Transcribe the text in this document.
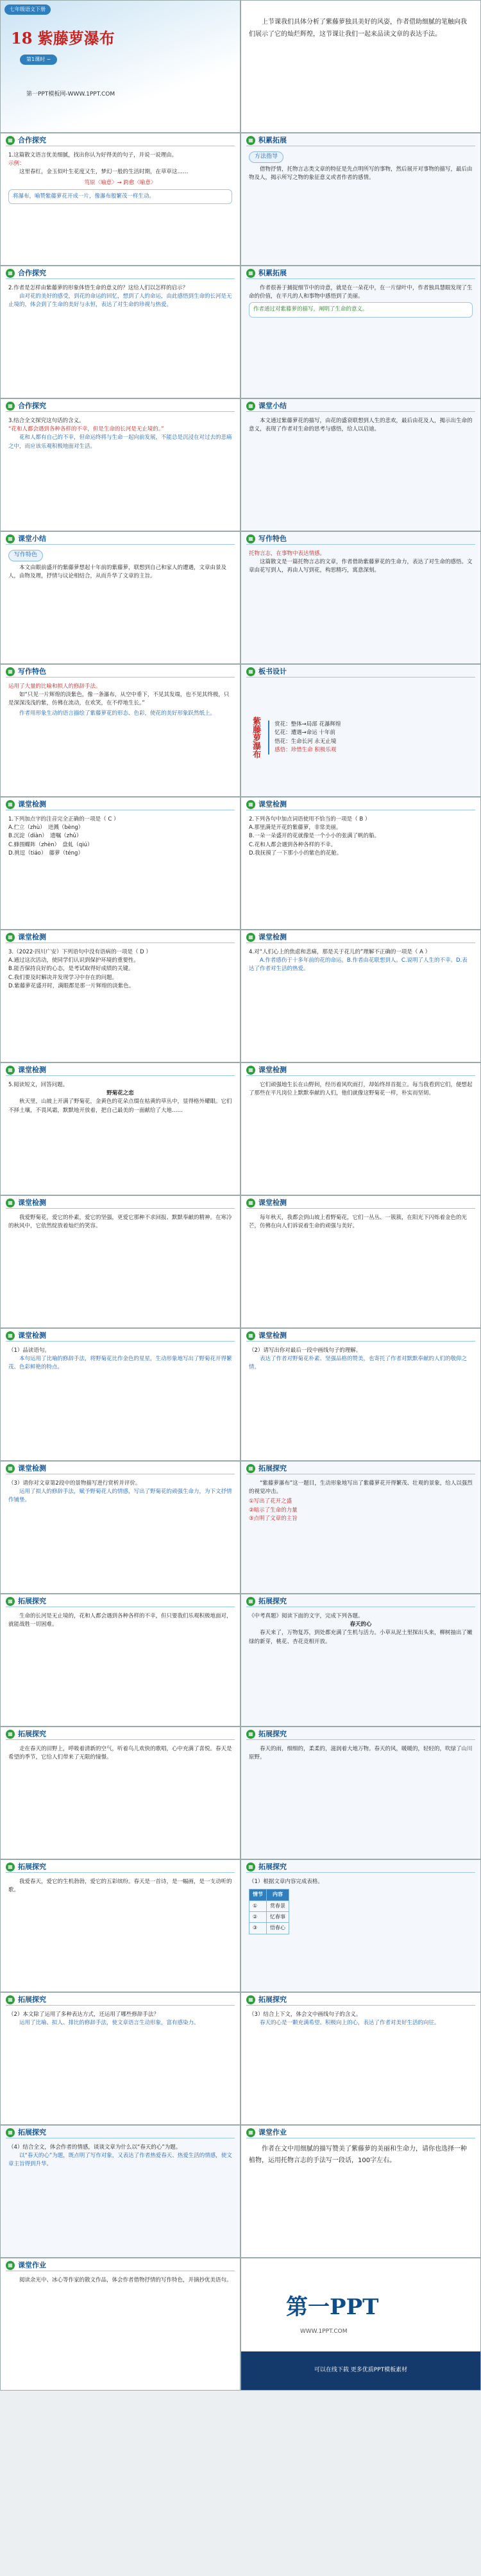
七年级语文下册
18 紫藤萝瀑布
第1课时 ~
第一PPT模板网-WWW.1PPT.COM
上节课我们具体分析了紫藤萝独具美好的风姿，作者借助细腻的笔触向我们展示了它的灿烂辉煌，这节课让我们一起来品读文章的表达手法。
▦ 合作探究
1.这篇散文语言优美细腻，找出你认为好得美的句子，并说一说理由。
示例：
这里春红，金玉似叶生花度又生，梦幻一般的生活时期，在草草这……
笃原〈喻意〉→ 跨愈〈喻意〉
将瀑布，喻赞紫藤萝花开成一片，像瀑布般繁茂一样生动。
▦ 积累拓展
方法指导
借物抒情，托物言志类文章的特征是先点明所写的事物，然后展开对事物的描写，最后由物及人，揭示所写之物的象征意义或者作者的感情。
▦ 合作探究
2.作者是怎样由紫藤萝的形象体悟生命的意义的？这给人们以怎样的启示？
由对花的美好的感受，到花的命运的回忆，想到了人的命运，由此感悟到生命的长河是无止境的，体会到了生命的美好与永恒，表达了对生命的珍视与热爱。
▦ 积累拓展
作者很善于捕捉细节中的诗意，就是在一朵花中，在一片绿叶中，作者独具慧眼发现了生命的价值，在平凡的人和事物中感悟到了美丽。
作者通过对紫藤萝的描写，阐明了生命的意义。
▦ 合作探究
3.结合全文探究这句话的含义。
“花和人都会遇到各种各样的不幸，但是生命的长河是无止境的。”
花和人都有自己的不幸，但命运终将与生命一起向前发展，不能总是沉浸在对过去的悲痛之中，而应该乐观积极地面对生活。
▦ 课堂小结
本文通过紫藤萝花的描写，由花的盛衰联想到人生的悲欢，最后由花及人，揭示出生命的意义，表现了作者对生命的思考与感悟，给人以启迪。
▦ 课堂小结
写作特色
本文由眼前盛开的紫藤萝想起十年前的紫藤萝，联想到自己和家人的遭遇，文章由景及人，由物及理，抒情与议论相结合，从而升华了文章的主旨。
▦ 写作特色
托物言志，在事物中表达情感。
这篇散文是一篇托物言志的文章，作者借助紫藤萝花的生命力，表达了对生命的感悟。文章由花写到人，再由人写到花，构思精巧，寓意深刻。
▦ 写作特色
运用了大量的比喻和拟人的修辞手法。
如“只见一片辉煌的淡紫色，像一条瀑布，从空中垂下，不见其发端，也不见其终极，只是深深浅浅的紫，仿佛在流动，在欢笑，在不停地生长。”
作者用形象生动的语言描绘了紫藤萝花的形态、色彩，使花的美好形象跃然纸上。
▦ 板书设计
紫藤萝瀑布	赏花：整体→局部 花瀑辉煌
忆花：遭遇→命运 十年前
悟花：生命长河 永无止境
感悟：珍惜生命 积极乐观
▦ 课堂检测
1.下列加点字的注音完全正确的一项是（ C ）
A.伫立（zhù）　迸溅（bèng）
B.沉淀（diàn）　遗嘱（zhǔ）
C.蜂围蝶阵（zhèn）　盘虬（qiú）
D.挑逗（tiáo）　藤萝（téng）
▦ 课堂检测
2.下列各句中加点词语使用不恰当的一项是（ B ）
A.那里满是开花的紫藤萝，非常美丽。
B.一朵一朵盛开的花就像是一个小小的张满了帆的船。
C.花和人都会遇到各种各样的不幸。
D.我抚摸了一下那小小的紫色的花舱。
▦ 课堂检测
3.（2022·四川广安）下列语句中没有语病的一项是（ D ）
A.通过这次活动，使同学们认识到保护环境的重要性。
B.能否保持良好的心态，是考试取得好成绩的关键。
C.我们要及时解决并发现学习中存在的问题。
D.紫藤萝花盛开时，满眼都是那一片辉煌的淡紫色。
▦ 课堂检测
4.对“人们心上的焦虑和悲痛，那是关于花儿的”理解不正确的一项是（ A ）
A.作者感伤于十多年前的花的命运。B.作者由花联想到人。C.说明了人生的不幸。D.表达了作者对生活的热爱。
▦ 课堂检测
5.阅读短文，回答问题。
野菊花之恋
秋天里，山坡上开满了野菊花，金黄色的花朵点缀在枯黄的草丛中，显得格外耀眼。它们不择土壤，不畏风霜，默默地开放着，把自己最美的一面献给了大地……
▦ 课堂检测
它们顽强地生长在山野间，经历着风吹雨打，却始终昂首挺立。每当我看到它们，便想起了那些在平凡岗位上默默奉献的人们，他们就像这野菊花一样，朴实而坚韧。
▦ 课堂检测
我爱野菊花，爱它的朴素，爱它的坚强，更爱它那种不求回报、默默奉献的精神。在寒冷的秋风中，它依然绽放着灿烂的笑容。
▦ 课堂检测
每年秋天，我都会到山坡上看野菊花，它们一丛丛、一簇簇，在阳光下闪烁着金色的光芒，仿佛在向人们诉说着生命的顽强与美好。
▦ 课堂检测
（1）品读语句。
本句运用了比喻的修辞手法，将野菊花比作金色的星星，生动形象地写出了野菊花开得繁茂、色彩鲜艳的特点。
▦ 课堂检测
（2）请写出你对最后一段中画线句子的理解。
表达了作者对野菊花朴素、坚强品格的赞美，也寄托了作者对默默奉献的人们的敬仰之情。
▦ 课堂检测
（3）请你对文章第2段中的景物描写进行赏析并评价。
运用了拟人的修辞手法，赋予野菊花人的情感，写出了野菊花的顽强生命力，为下文抒情作铺垫。
▦ 拓展探究
“紫藤萝瀑布”这一题目，生动形象地写出了紫藤萝花开得繁茂、壮观的景象，给人以强烈的视觉冲击。
①写出了花开之盛
②暗示了生命的力量
③点明了文章的主旨
▦ 拓展探究
生命的长河是无止境的，花和人都会遇到各种各样的不幸，但只要我们乐观积极地面对，就能战胜一切困难。
▦ 拓展探究
《中考真题》阅读下面的文字，完成下列各题。
春天的心
春天来了，万物复苏，到处都充满了生机与活力。小草从泥土里探出头来，柳树抽出了嫩绿的新芽，桃花、杏花竞相开放。
▦ 拓展探究
走在春天的田野上，呼吸着清新的空气，听着鸟儿欢快的歌唱，心中充满了喜悦。春天是希望的季节，它给人们带来了无限的憧憬。
▦ 拓展探究
春天的雨，细细的，柔柔的，滋润着大地万物。春天的风，暖暖的，轻轻的，吹绿了山川原野。
▦ 拓展探究
我爱春天，爱它的生机勃勃，爱它的五彩缤纷。春天是一首诗，是一幅画，是一支动听的歌。
▦ 拓展探究
（1）根据文章内容完成表格。
情节	内容
①	赏春景
②	忆春事
③	悟春心
▦ 拓展探究
（2）本文除了运用了多种表达方式，还运用了哪些修辞手法？
运用了比喻、拟人、排比的修辞手法，使文章语言生动形象，富有感染力。
▦ 拓展探究
（3）结合上下文，体会文中画线句子的含义。
春天的心是一颗充满希望、积极向上的心，表达了作者对美好生活的向往。
▦ 拓展探究
（4）结合全文，体会作者的情感，谈谈文章为什么以“春天的心”为题。
以“春天的心”为题，既点明了写作对象，又表达了作者热爱春天、热爱生活的情感，使文章主旨得到升华。
▦ 课堂作业
作者在文中用细腻的描写赞美了紫藤萝的美丽和生命力，请你也选择一种植物，运用托物言志的手法写一段话，100字左右。
▦ 课堂作业
阅读余光中、冰心等作家的散文作品，体会作者借物抒情的写作特色，并摘抄优美语句。
第一PPT
WWW.1PPT.COM
可以在线下载 更多优质PPT模板素材
